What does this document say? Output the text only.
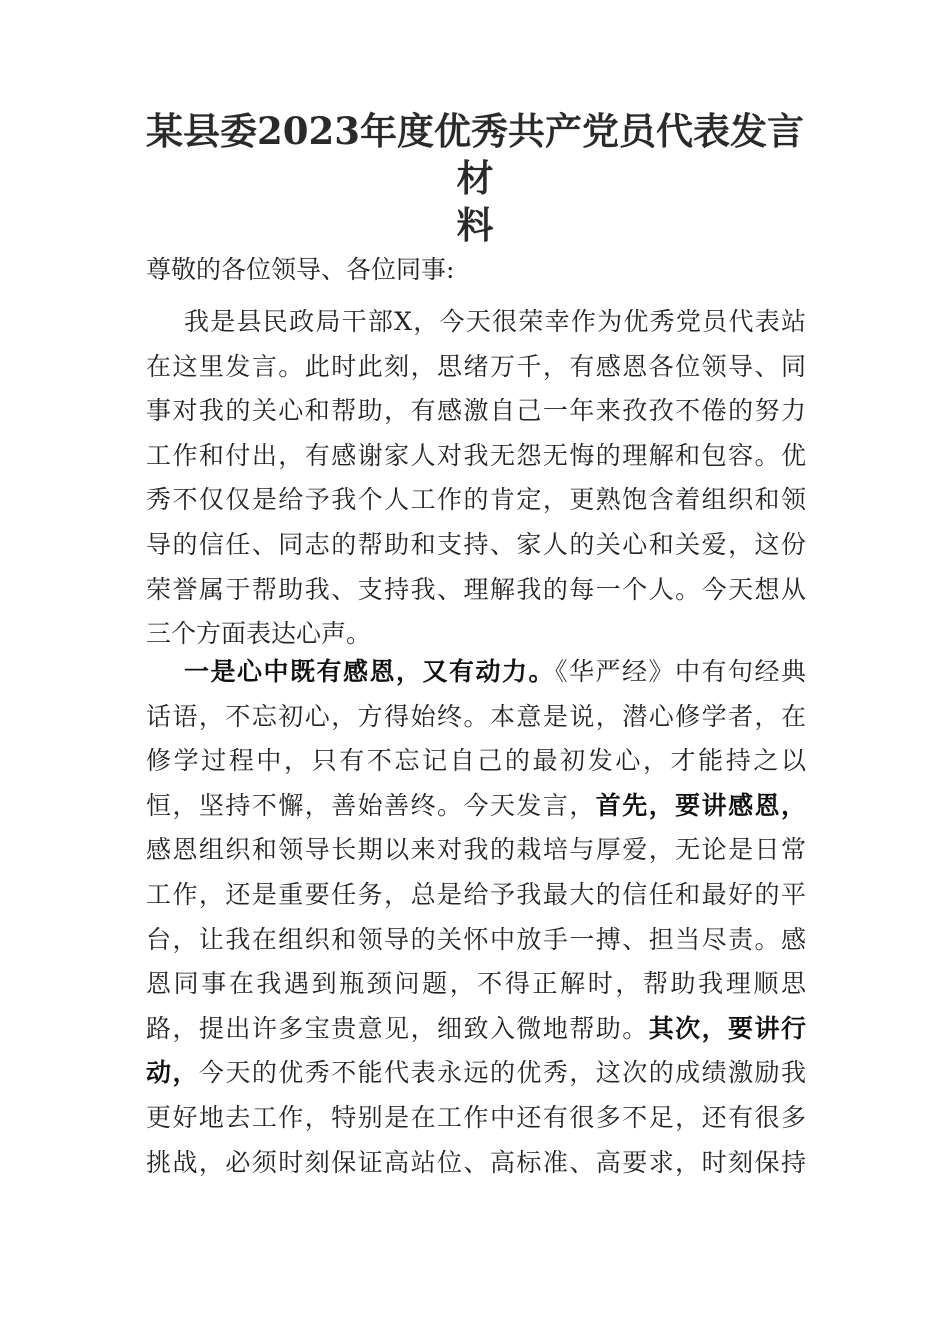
某县委2023年度优秀共产党员代表发言材
料
尊敬的各位领导、各位同事:
我是县民政局干部X，今天很荣幸作为优秀党员代表站
在这里发言。此时此刻，思绪万千，有感恩各位领导、同
事对我的关心和帮助，有感激自己一年来孜孜不倦的努力
工作和付出，有感谢家人对我无怨无悔的理解和包容。优
秀不仅仅是给予我个人工作的肯定，更熟饱含着组织和领
导的信任、同志的帮助和支持、家人的关心和关爱，这份
荣誉属于帮助我、支持我、理解我的每一个人。今天想从
三个方面表达心声。
一是心中既有感恩，又有动力。《华严经》中有句经典
话语，不忘初心，方得始终。本意是说，潜心修学者，在
修学过程中，只有不忘记自己的最初发心，才能持之以
恒，坚持不懈，善始善终。今天发言，首先，要讲感恩，
感恩组织和领导长期以来对我的栽培与厚爱，无论是日常
工作，还是重要任务，总是给予我最大的信任和最好的平
台，让我在组织和领导的关怀中放手一搏、担当尽责。感
恩同事在我遇到瓶颈问题，不得正解时，帮助我理顺思
路，提出许多宝贵意见，细致入微地帮助。其次，要讲行
动，今天的优秀不能代表永远的优秀，这次的成绩激励我
更好地去工作，特别是在工作中还有很多不足，还有很多
挑战，必须时刻保证高站位、高标准、高要求，时刻保持
